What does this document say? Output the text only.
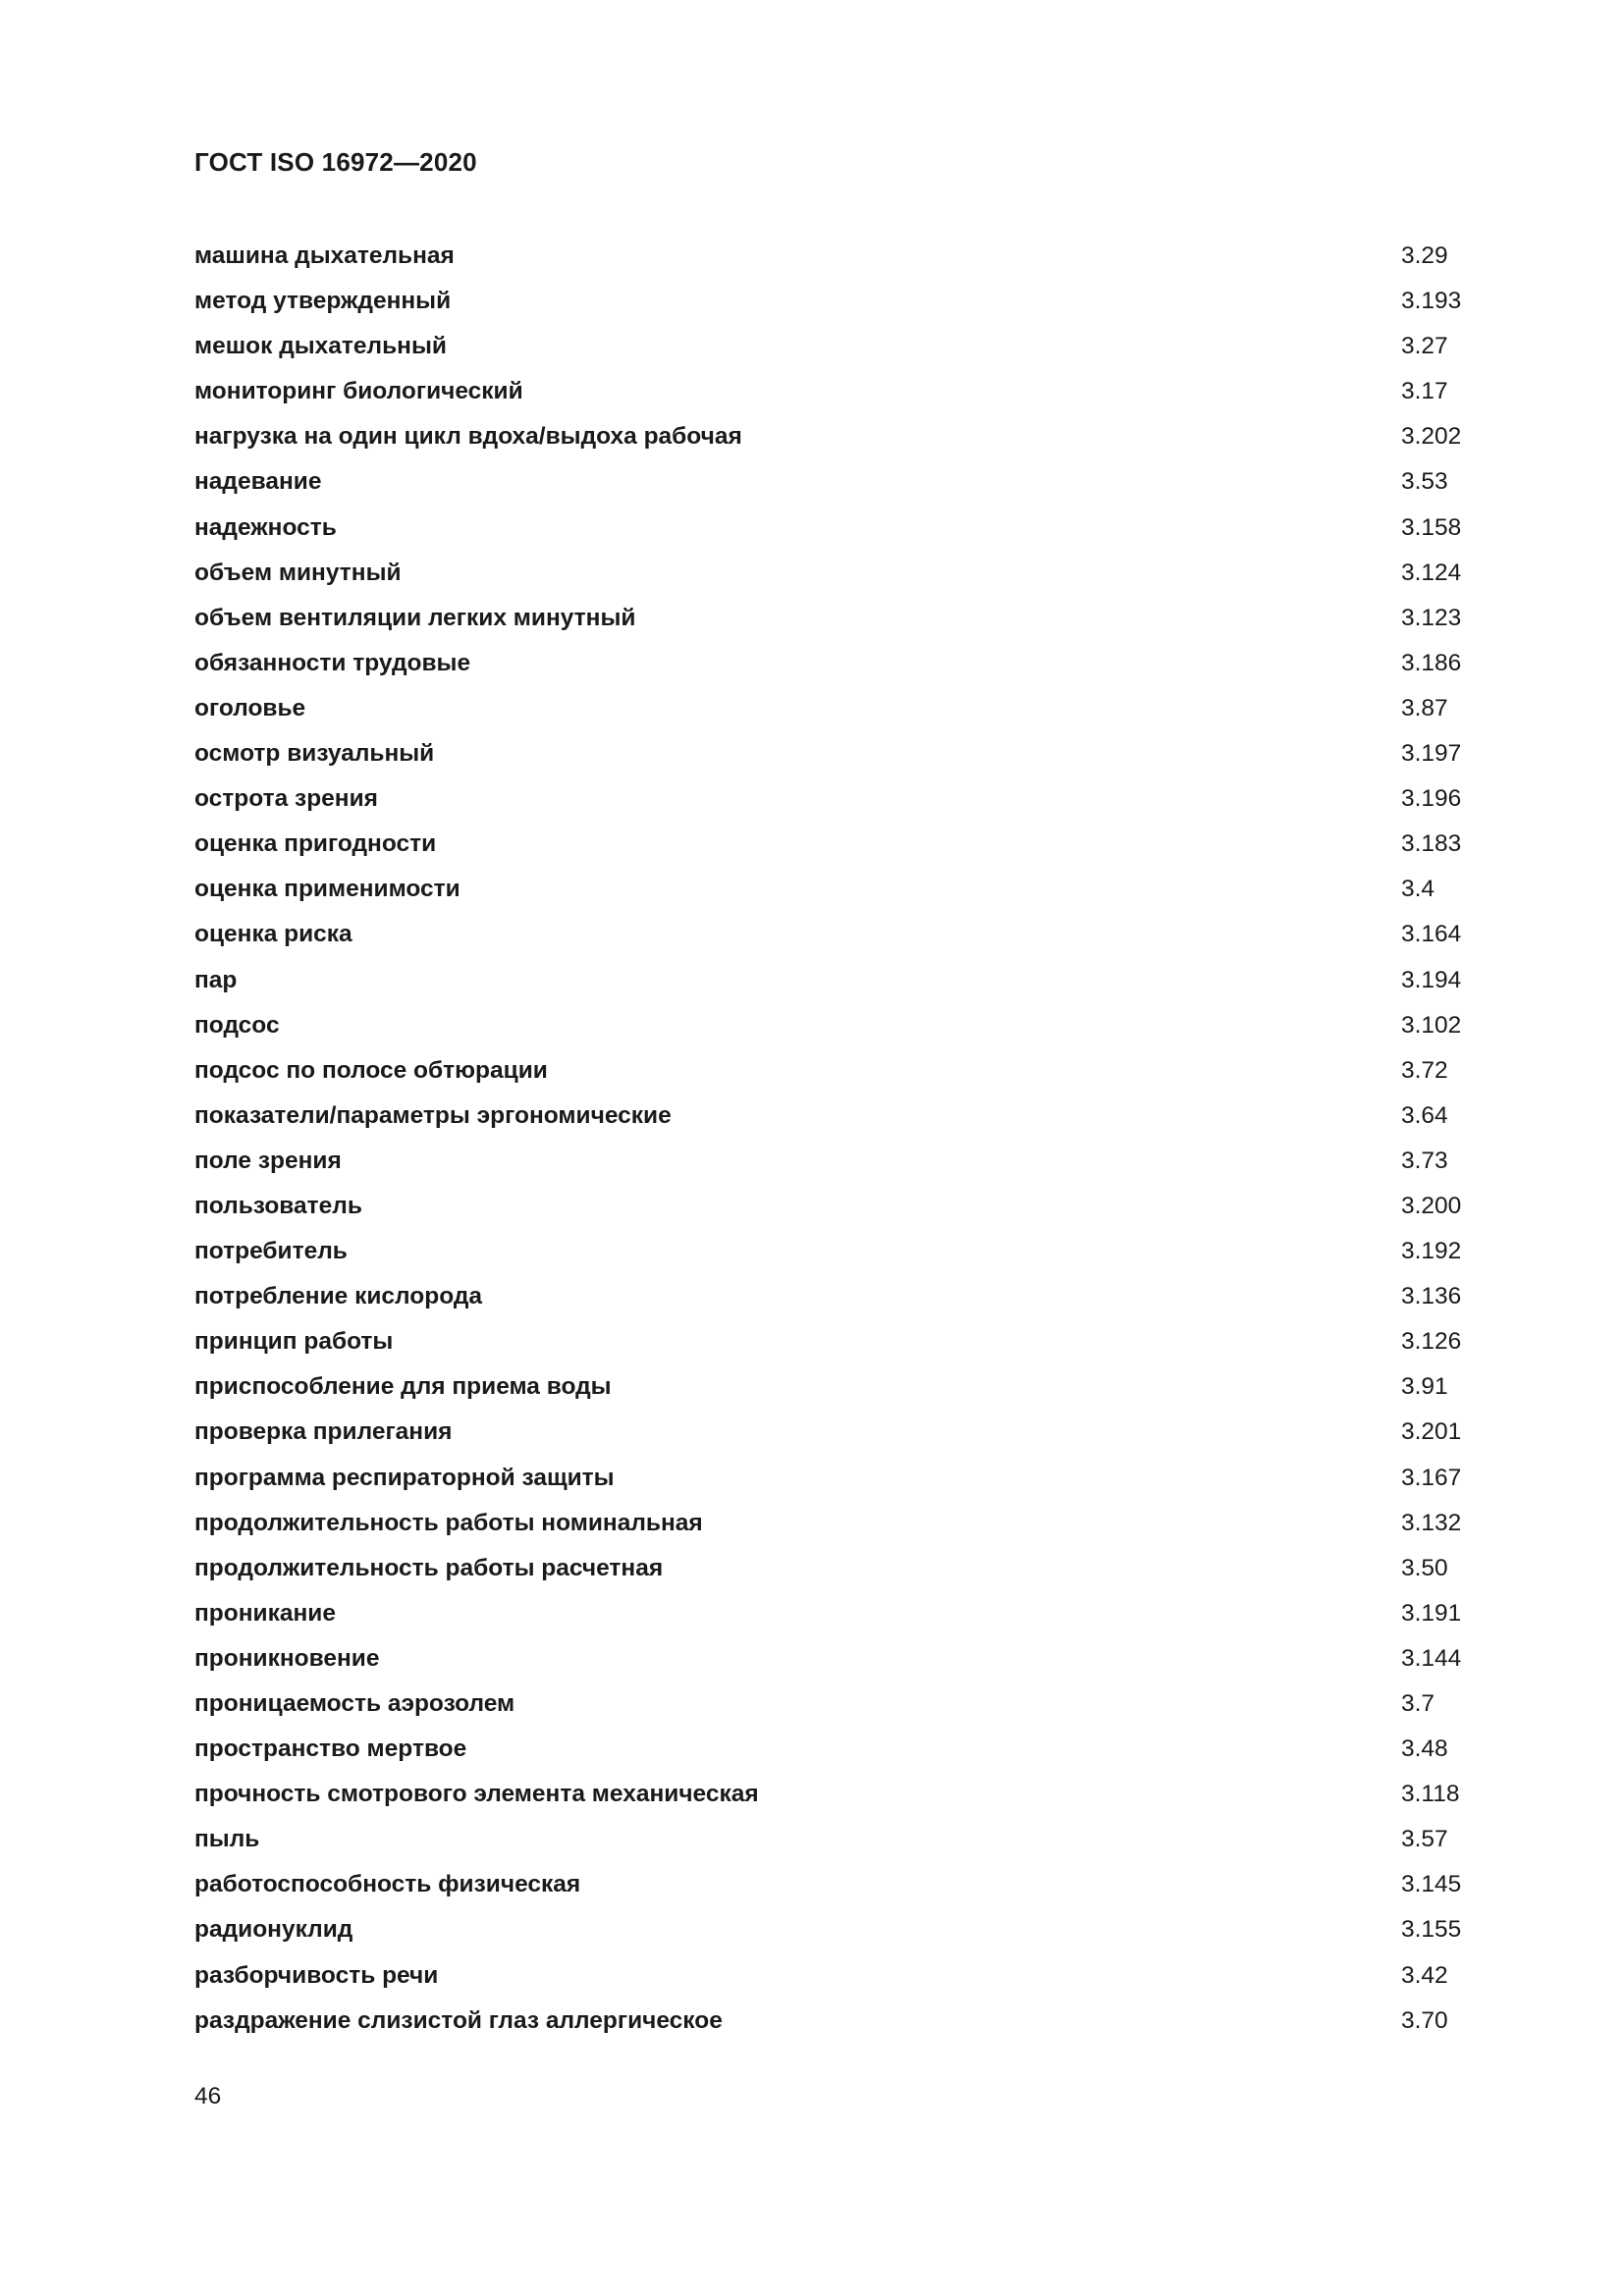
ГОСТ ISO 16972—2020
машина дыхательная	3.29
метод утвержденный	3.193
мешок дыхательный	3.27
мониторинг биологический	3.17
нагрузка на один цикл вдоха/выдоха рабочая	3.202
надевание	3.53
надежность	3.158
объем минутный	3.124
объем вентиляции легких минутный	3.123
обязанности трудовые	3.186
оголовье	3.87
осмотр визуальный	3.197
острота зрения	3.196
оценка пригодности	3.183
оценка применимости	3.4
оценка риска	3.164
пар	3.194
подсос	3.102
подсос по полосе обтюрации	3.72
показатели/параметры эргономические	3.64
поле зрения	3.73
пользователь	3.200
потребитель	3.192
потребление кислорода	3.136
принцип работы	3.126
приспособление для приема воды	3.91
проверка прилегания	3.201
программа респираторной защиты	3.167
продолжительность работы номинальная	3.132
продолжительность работы расчетная	3.50
проникание	3.191
проникновение	3.144
проницаемость аэрозолем	3.7
пространство мертвое	3.48
прочность смотрового элемента механическая	3.118
пыль	3.57
работоспособность физическая	3.145
радионуклид	3.155
разборчивость речи	3.42
раздражение слизистой глаз аллергическое	3.70
46
